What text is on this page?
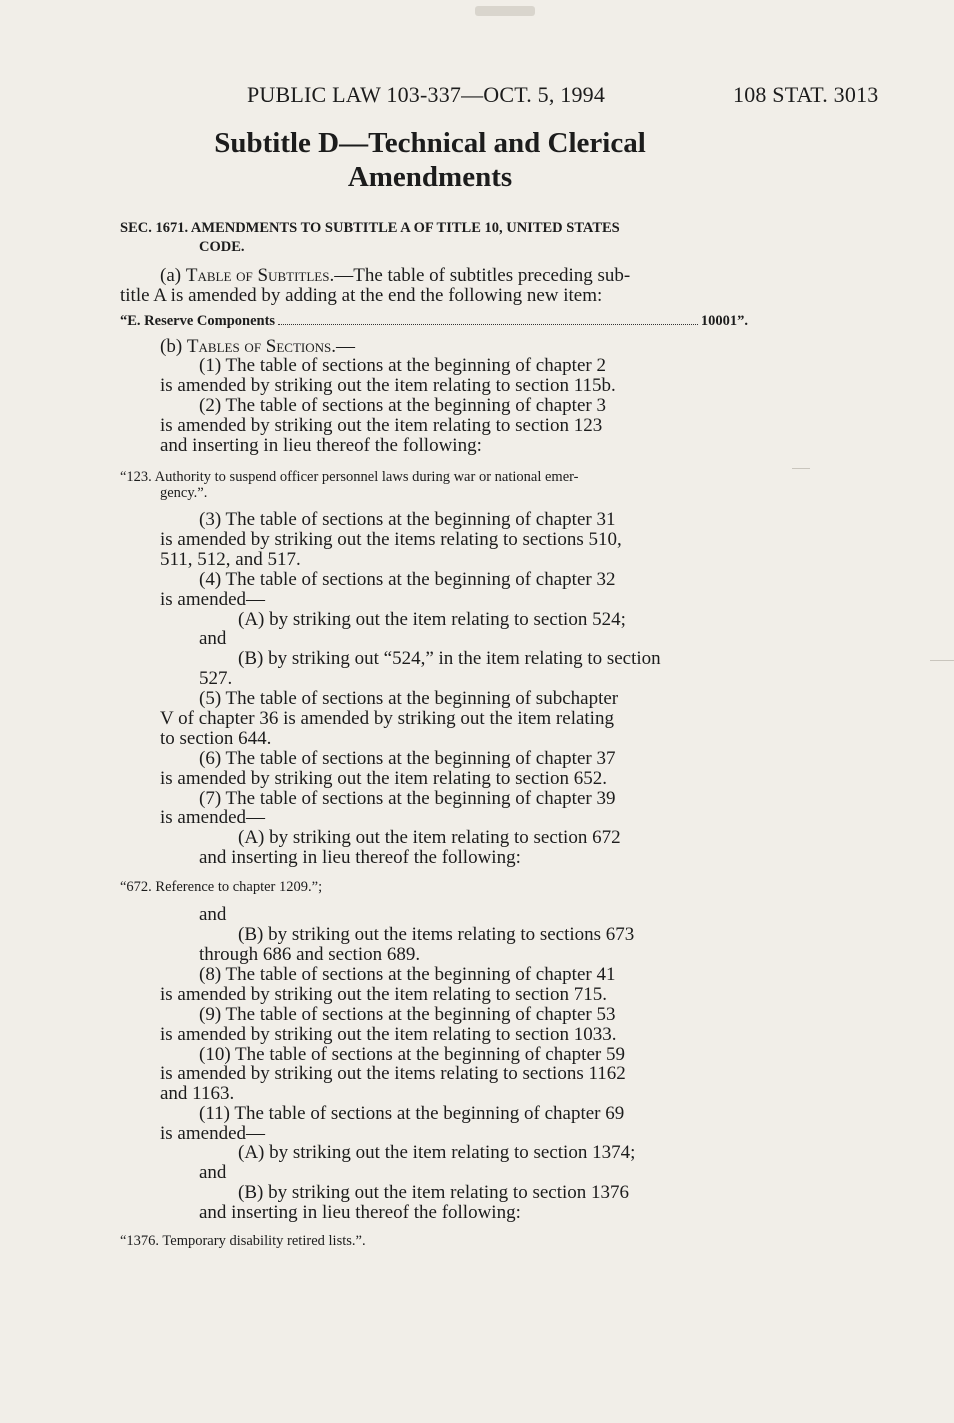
PUBLIC LAW 103-337—OCT. 5, 1994	108 STAT. 3013
Subtitle D—Technical and Clerical
Amendments
SEC. 1671. AMENDMENTS TO SUBTITLE A OF TITLE 10, UNITED STATES
CODE.
(a) Table of Subtitles.—The table of subtitles preceding sub-
title A is amended by adding at the end the following new item:
“E. Reserve Components	10001”.
(b) Tables of Sections.—
(1) The table of sections at the beginning of chapter 2
is amended by striking out the item relating to section 115b.
(2) The table of sections at the beginning of chapter 3
is amended by striking out the item relating to section 123
and inserting in lieu thereof the following:
“123. Authority to suspend officer personnel laws during war or national emer-
gency.”.
(3) The table of sections at the beginning of chapter 31
is amended by striking out the items relating to sections 510,
511, 512, and 517.
(4) The table of sections at the beginning of chapter 32
is amended—
(A) by striking out the item relating to section 524;
and
(B) by striking out “524,” in the item relating to section
527.
(5) The table of sections at the beginning of subchapter
V of chapter 36 is amended by striking out the item relating
to section 644.
(6) The table of sections at the beginning of chapter 37
is amended by striking out the item relating to section 652.
(7) The table of sections at the beginning of chapter 39
is amended—
(A) by striking out the item relating to section 672
and inserting in lieu thereof the following:
“672. Reference to chapter 1209.”;
and
(B) by striking out the items relating to sections 673
through 686 and section 689.
(8) The table of sections at the beginning of chapter 41
is amended by striking out the item relating to section 715.
(9) The table of sections at the beginning of chapter 53
is amended by striking out the item relating to section 1033.
(10) The table of sections at the beginning of chapter 59
is amended by striking out the items relating to sections 1162
and 1163.
(11) The table of sections at the beginning of chapter 69
is amended—
(A) by striking out the item relating to section 1374;
and
(B) by striking out the item relating to section 1376
and inserting in lieu thereof the following:
“1376. Temporary disability retired lists.”.
